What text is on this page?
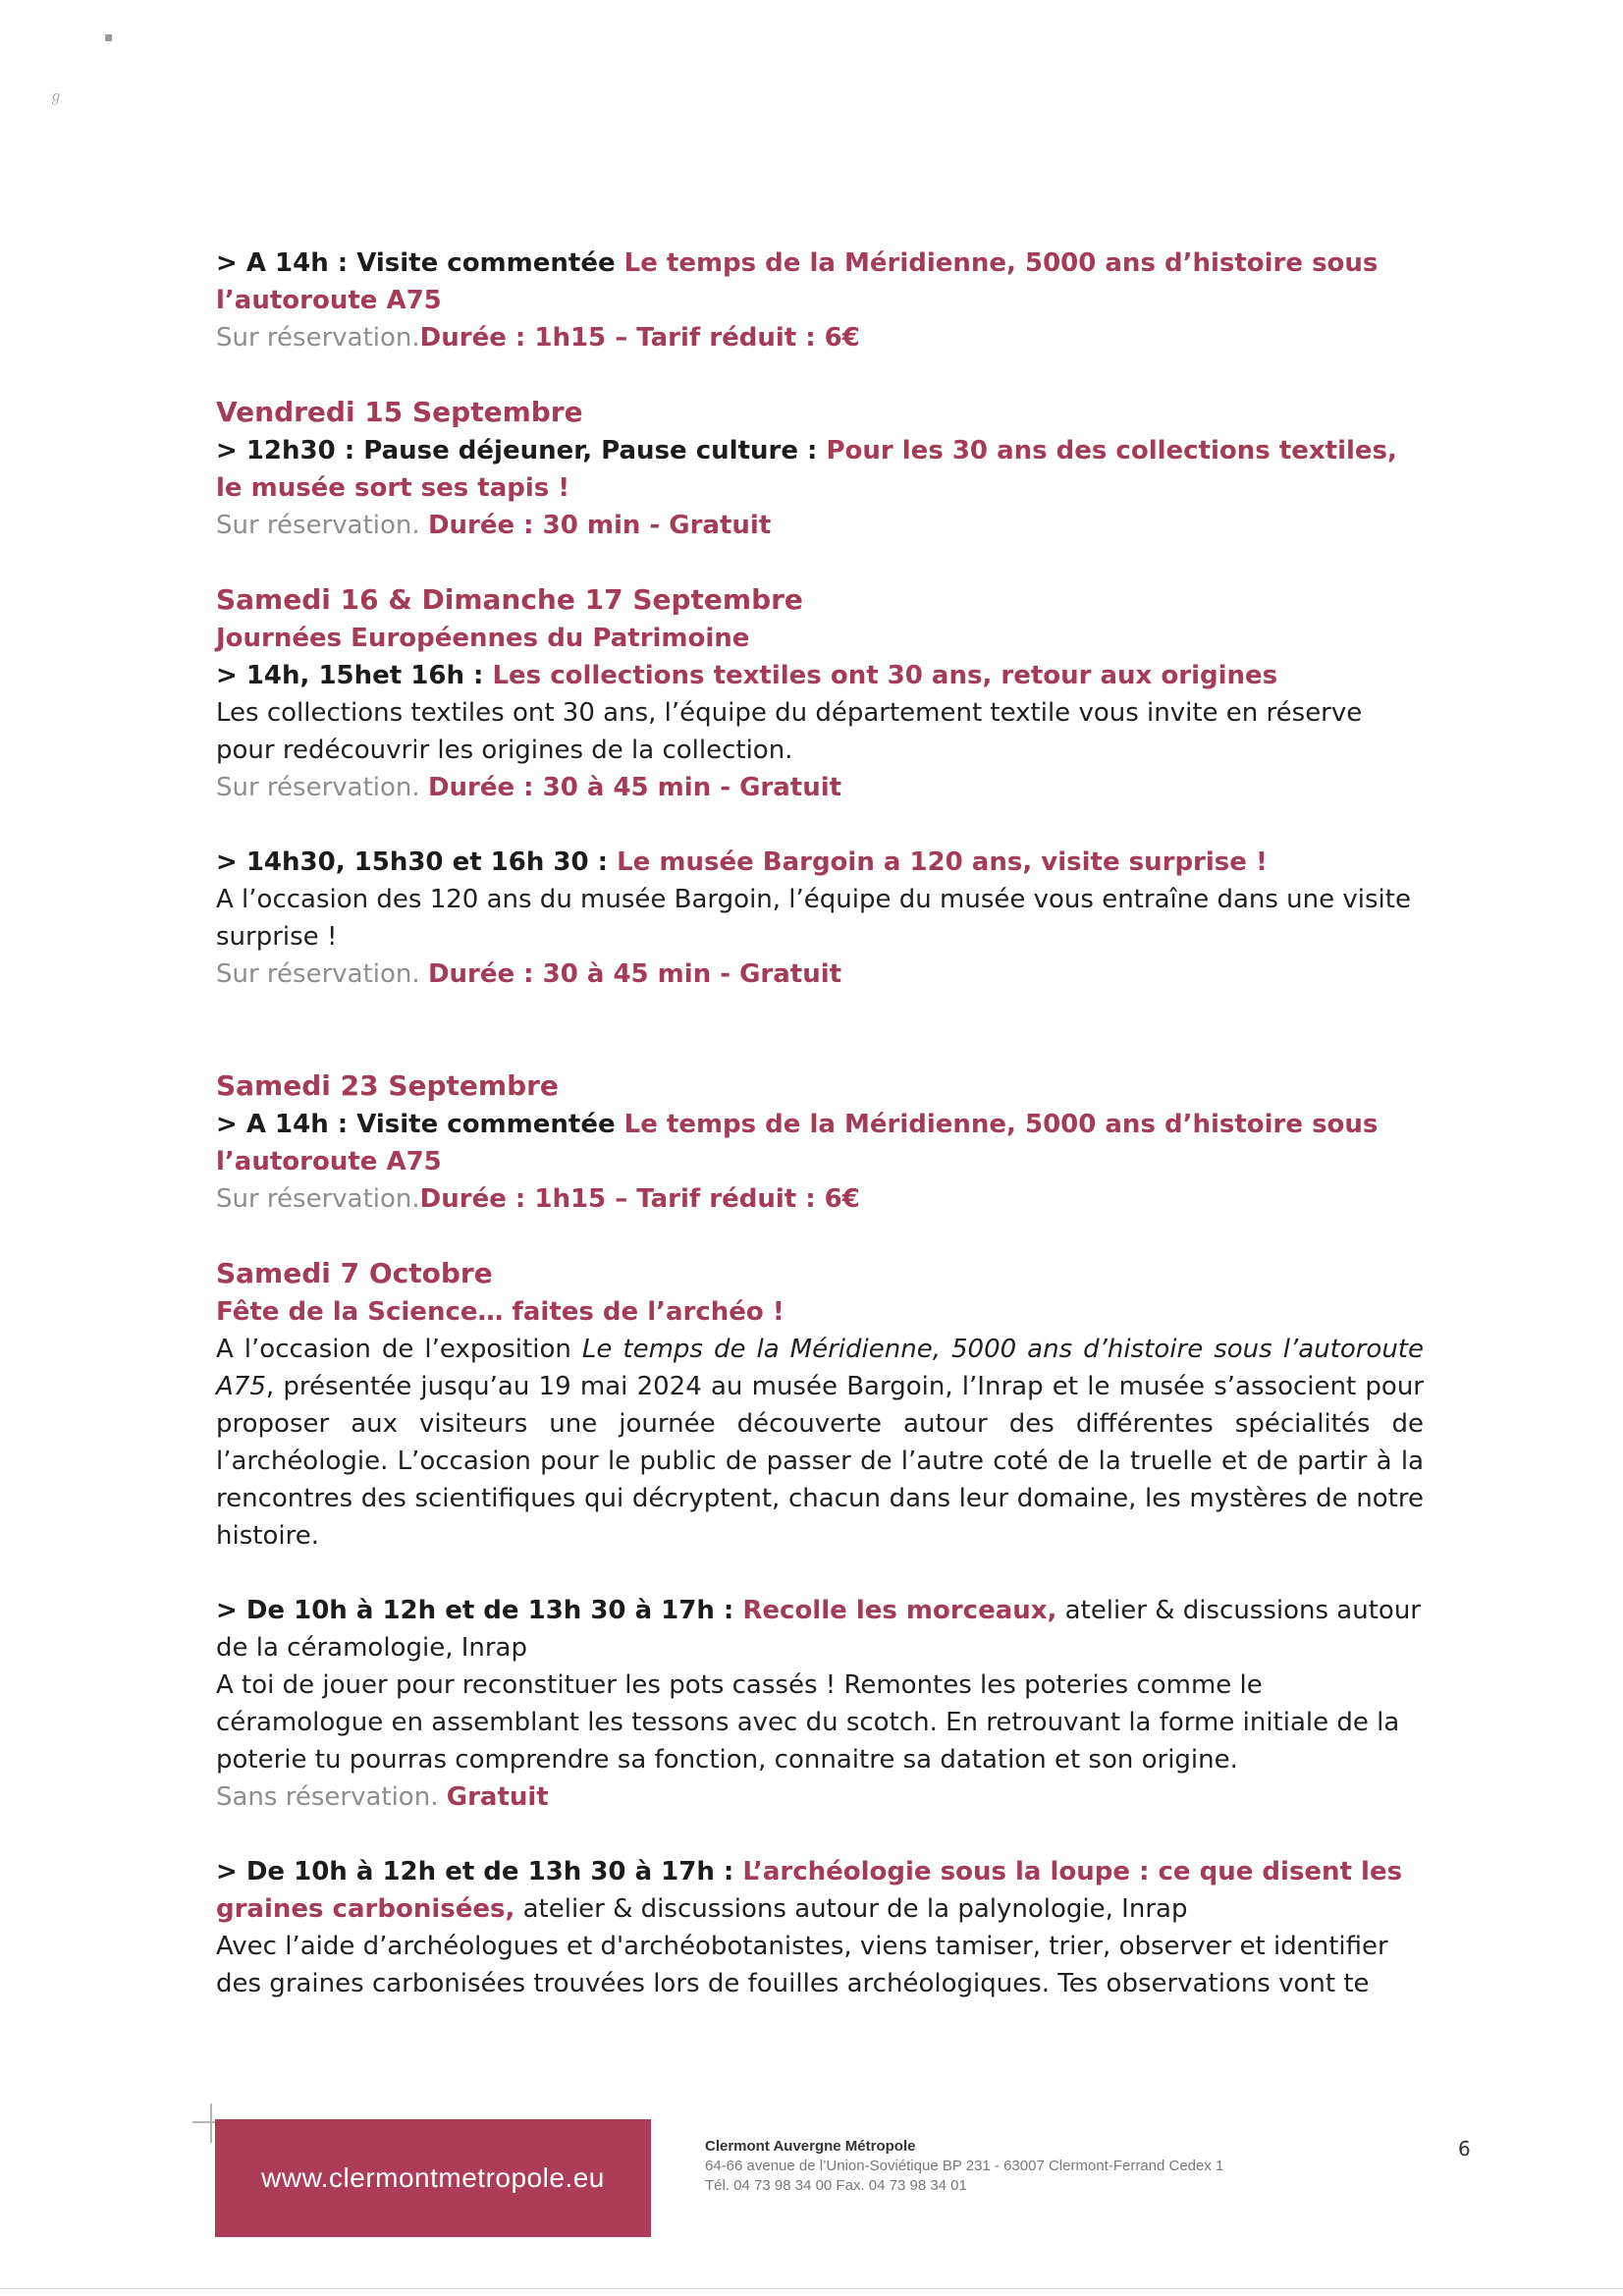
▪
ℊ

> A 14h : Visite commentée Le temps de la Méridienne, 5000 ans d’histoire sous l’autoroute A75
Sur réservation.Durée : 1h15 – Tarif réduit : 6€

Vendredi 15 Septembre

> 12h30 : Pause déjeuner, Pause culture : Pour les 30 ans des collections textiles, le musée sort ses tapis !
Sur réservation. Durée : 30 min - Gratuit

Samedi 16 & Dimanche 17 Septembre

Journées Européennes du Patrimoine

> 14h, 15het 16h : Les collections textiles ont 30 ans, retour aux origines
Les collections textiles ont 30 ans, l’équipe du département textile vous invite en réserve pour redécouvrir les origines de la collection.
Sur réservation. Durée : 30 à 45 min - Gratuit

> 14h30, 15h30 et 16h 30 : Le musée Bargoin a 120 ans, visite surprise !
A l’occasion des 120 ans du musée Bargoin, l’équipe du musée vous entraîne dans une visite surprise !
Sur réservation. Durée : 30 à 45 min - Gratuit

Samedi 23 Septembre

> A 14h : Visite commentée Le temps de la Méridienne, 5000 ans d’histoire sous l’autoroute A75
Sur réservation.Durée : 1h15 – Tarif réduit : 6€

Samedi 7 Octobre

Fête de la Science… faites de l’archéo !

A l’occasion de l’exposition Le temps de la Méridienne, 5000 ans d’histoire sous l’autoroute A75, présentée jusqu’au 19 mai 2024 au musée Bargoin, l’Inrap et le musée s’associent pour proposer aux visiteurs une journée découverte autour des différentes spécialités de l’archéologie. L’occasion pour le public de passer de l’autre coté de la truelle et de partir à la rencontres des scientifiques qui décryptent, chacun dans leur domaine, les mystères de notre histoire.

> De 10h à 12h et de 13h 30 à 17h : Recolle les morceaux, atelier & discussions autour de la céramologie, Inrap
A toi de jouer pour reconstituer les pots cassés ! Remontes les poteries comme le céramologue en assemblant les tessons avec du scotch. En retrouvant la forme initiale de la poterie tu pourras comprendre sa fonction, connaitre sa datation et son origine.
Sans réservation. Gratuit

> De 10h à 12h et de 13h 30 à 17h : L’archéologie sous la loupe : ce que disent les graines carbonisées, atelier & discussions autour de la palynologie, Inrap
Avec l’aide d’archéologues et d'archéobotanistes, viens tamiser, trier, observer et identifier des graines carbonisées trouvées lors de fouilles archéologiques. Tes observations vont te

www.clermontmetropole.eu
Clermont Auvergne Métropole
64-66 avenue de l’Union-Soviétique BP 231 - 63007 Clermont-Ferrand Cedex 1
Tél. 04 73 98 34 00 Fax. 04 73 98 34 01
6
